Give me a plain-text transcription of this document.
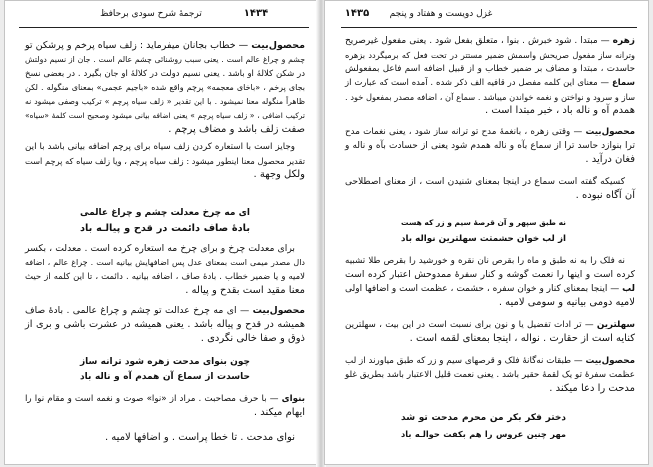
ترجمهٔ شرح سودی برحافظ	۱۴۳۴
محصول‌بیت — خطاب بجانان میفرماید : زلف سیاه پرخم و پرشکن تو
چشم و چراغ عالم است . یعنی سبب روشنائی چشم عالم است . جان از نسیم دولتش
در شکن کلالهٔ او باشد . یعنی نسیم دولت در کلالهٔ او جان بگیرد . در بعضی نسخ
بجای پرخم ، «باخای معجمه» پرچم واقع شده «باجیم عجمی» بمعنای منگوله . لکن
ظاهراً منگوله معنا نمیشود . با این تقدیر « زلف سیاه پرچم » ترکیب وصفی میشود نه
ترکیب اضافی ، « زلف سیاه پرچم » یعنی اضافه بیانی میشود وصحیح است کلمهٔ «سیاه»
صفت زلف باشد و مضاف پرچم .
وجایز است با استعاره کردن زلف سیاه برای پرچم اضافه بیانی باشد با این
تقدیر محصول معنا اینطور میشود : زلف سیاه پرچم ، ویا زلف سیاه که پرچم است
ولکل وجهة .
ای مه چرخ معدلت چشم و چراغ عالمی
بادهٔ صاف دائمت در قدح و پیالـه باد
برای معدلت چرخ و برای چرخ مه استعاره کرده است . معدلت ، بکسر
دال مصدر میمی است بمعنای عدل پس اضافهایش بیانیه است . چراغ عالم ، اضافه
لامیه و یا ضمیر خطاب . بادهٔ صاف ، اضافه بیانیه . دائمت ، تا این کلمه از حیث
معنا مقید است بقدح و پیاله .
محصول‌بیت — ای مه چرخ عدالت تو چشم و چراغ عالمی . بادهٔ صاف
همیشه در قدح و پیاله باشد . یعنی همیشه در عشرت باشی و بری از
ذوق و صفا خالی نگردی .
چون بنوای مدحت زهره شود ترانه ساز
حاسدت از سماع آن همدم آه و ناله باد
بنوای — با حرف مصاحبت . مراد از «نوا» صوت و نغمه است و مقام نوا را
ایهام میکند .
نوای مدحت . تا خطا پراست . و اضافها لامیه .
۱۴۳۵	غزل دویست و هفتاد و پنجم
زهره — مبتدا . شود خبرش . بنوا ، متعلق بفعل شود . یعنی مفعول غیرصریح
وترانه ساز مفعول صریحش واسمش ضمیر مستتر در تحت فعل که برمیگردد بزهره
حاسدت ، مبتدا و مضاف بر ضمیر خطاب و از قبیل اضافه اسم فاعل بمفعولش
سماع — معنای این کلمه مفصل در قافیه الف ذکر شده . آمده است که عبارت از
ساز و سرود و نواختن و نغمه خواندن میباشد . سماع آن ، اضافه مصدر بمفعول خود .
همدم آه و ناله باد ، خبر مبتدا است .
محصول‌بیت — وقتی زهره ، بانغمهٔ مدح تو ترانه ساز شود ، یعنی نغمات مدح
ترا بنوازد حاسد ترا از سماع بآه و ناله همدم شود یعنی از حسادت بآه و ناله و
فغان درآید .
کسیکه گفته است سماع در اینجا بمعنای شنیدن است ، از معنای اصطلاحی
آن آگاه نبوده .
نه طبق سپهر و آن قرصهٔ سیم و زر که هست
از لب خوان حشمتت سهلترین نواله باد
نه فلک را به نه طبق و ماه را بقرص نان نقره و خورشید را بقرص طلا تشبیه
کرده است و اینها را نعمت گوشه و کنار سفرهٔ ممدوحش اعتبار کرده است
لب — اینجا بمعنای کنار و خوان سفره ، حشمت ، عظمت است و اضافها اولی
لامیه دومی بیانیه و سومی لامیه .
سهلترین — تر ادات تفضیل یا و نون برای نسبت است در این بیت ، سهلترین
کنایه است از حقارت . نواله ، اینجا بمعنای لقمه است .
محصول‌بیت — طبقات نه‌گانهٔ فلک و قرصهای سیم و زر که طبق میاورند از لب
عظمت سفرهٔ تو یک لقمهٔ حقیر باشد . یعنی نعمت قلیل الاعتبار باشد بطریق غلو
مدحت را دعا میکند .
دختر فکر بکر من محرم مدحت تو شد
مهر چنین عروس را هم بکفت حوالـه باد
